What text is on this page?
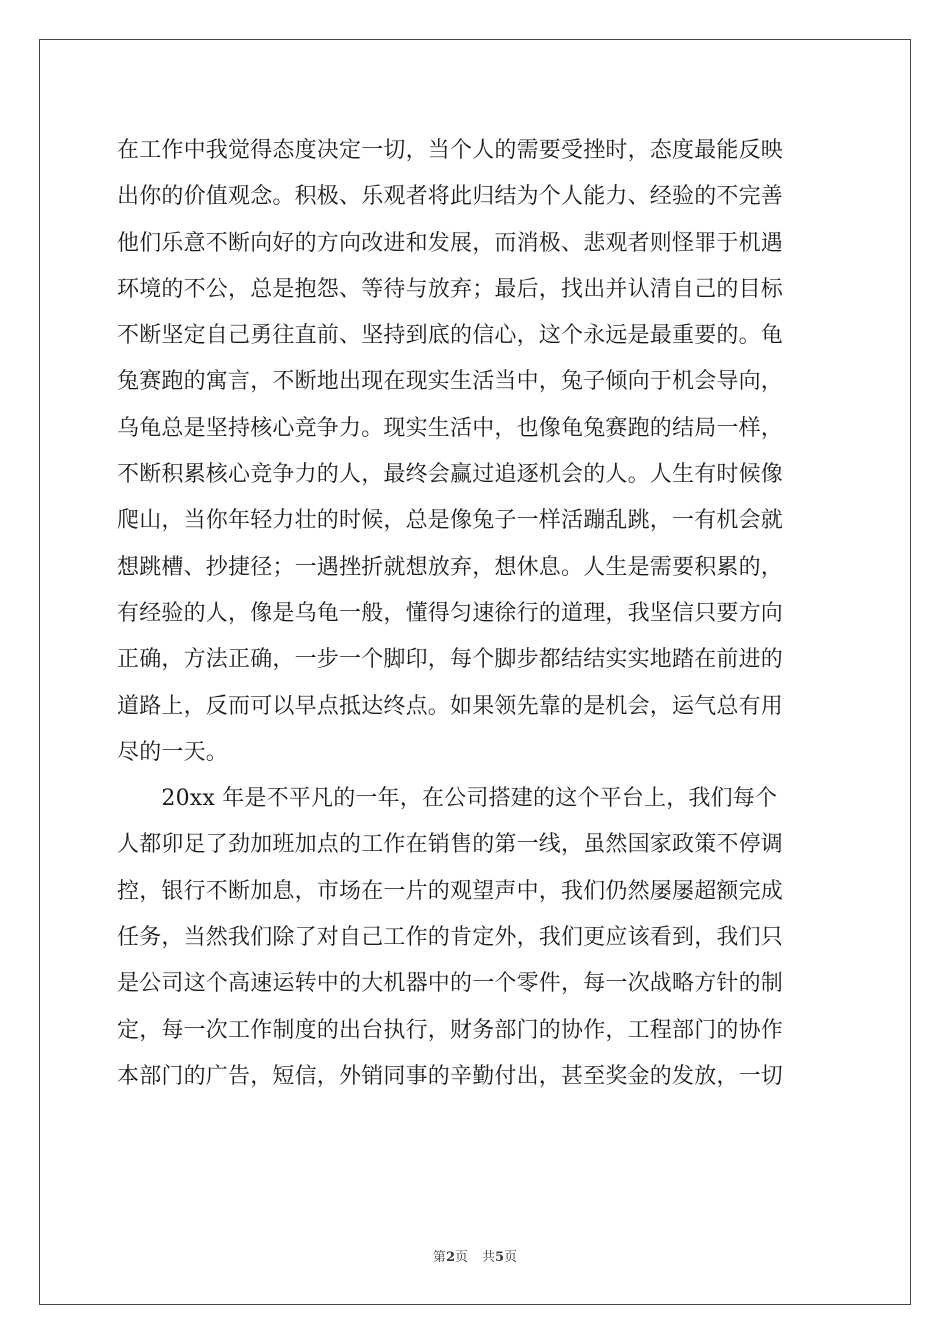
在工作中我觉得态度决定一切，当个人的需要受挫时，态度最能反映
出你的价值观念。积极、乐观者将此归结为个人能力、经验的不完善
他们乐意不断向好的方向改进和发展，而消极、悲观者则怪罪于机遇
环境的不公，总是抱怨、等待与放弃；最后，找出并认清自己的目标
不断坚定自己勇往直前、坚持到底的信心，这个永远是最重要的。龟
兔赛跑的寓言，不断地出现在现实生活当中，兔子倾向于机会导向，
乌龟总是坚持核心竞争力。现实生活中，也像龟兔赛跑的结局一样，
不断积累核心竞争力的人，最终会赢过追逐机会的人。人生有时候像
爬山，当你年轻力壮的时候，总是像兔子一样活蹦乱跳，一有机会就
想跳槽、抄捷径；一遇挫折就想放弃，想休息。人生是需要积累的，
有经验的人，像是乌龟一般，懂得匀速徐行的道理，我坚信只要方向
正确，方法正确，一步一个脚印，每个脚步都结结实实地踏在前进的
道路上，反而可以早点抵达终点。如果领先靠的是机会，运气总有用
尽的一天。
　　20xx 年是不平凡的一年，在公司搭建的这个平台上，我们每个
人都卯足了劲加班加点的工作在销售的第一线，虽然国家政策不停调
控，银行不断加息，市场在一片的观望声中，我们仍然屡屡超额完成
任务，当然我们除了对自己工作的肯定外，我们更应该看到，我们只
是公司这个高速运转中的大机器中的一个零件，每一次战略方针的制
定，每一次工作制度的出台执行，财务部门的协作，工程部门的协作
本部门的广告，短信，外销同事的辛勤付出，甚至奖金的发放，一切
第2页 共5页
